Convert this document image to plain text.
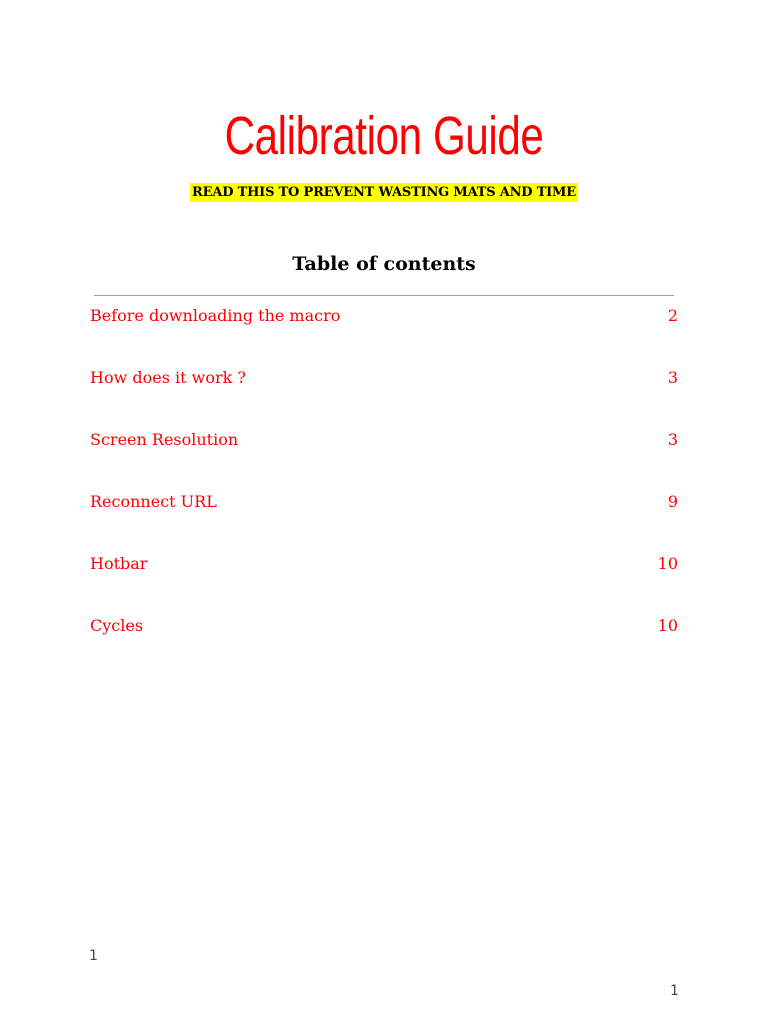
Calibration Guide
READ THIS TO PREVENT WASTING MATS AND TIME
Table of contents
Before downloading the macro	2
How does it work ?	3
Screen Resolution	3
Reconnect URL	9
Hotbar	10
Cycles	10
1
1
